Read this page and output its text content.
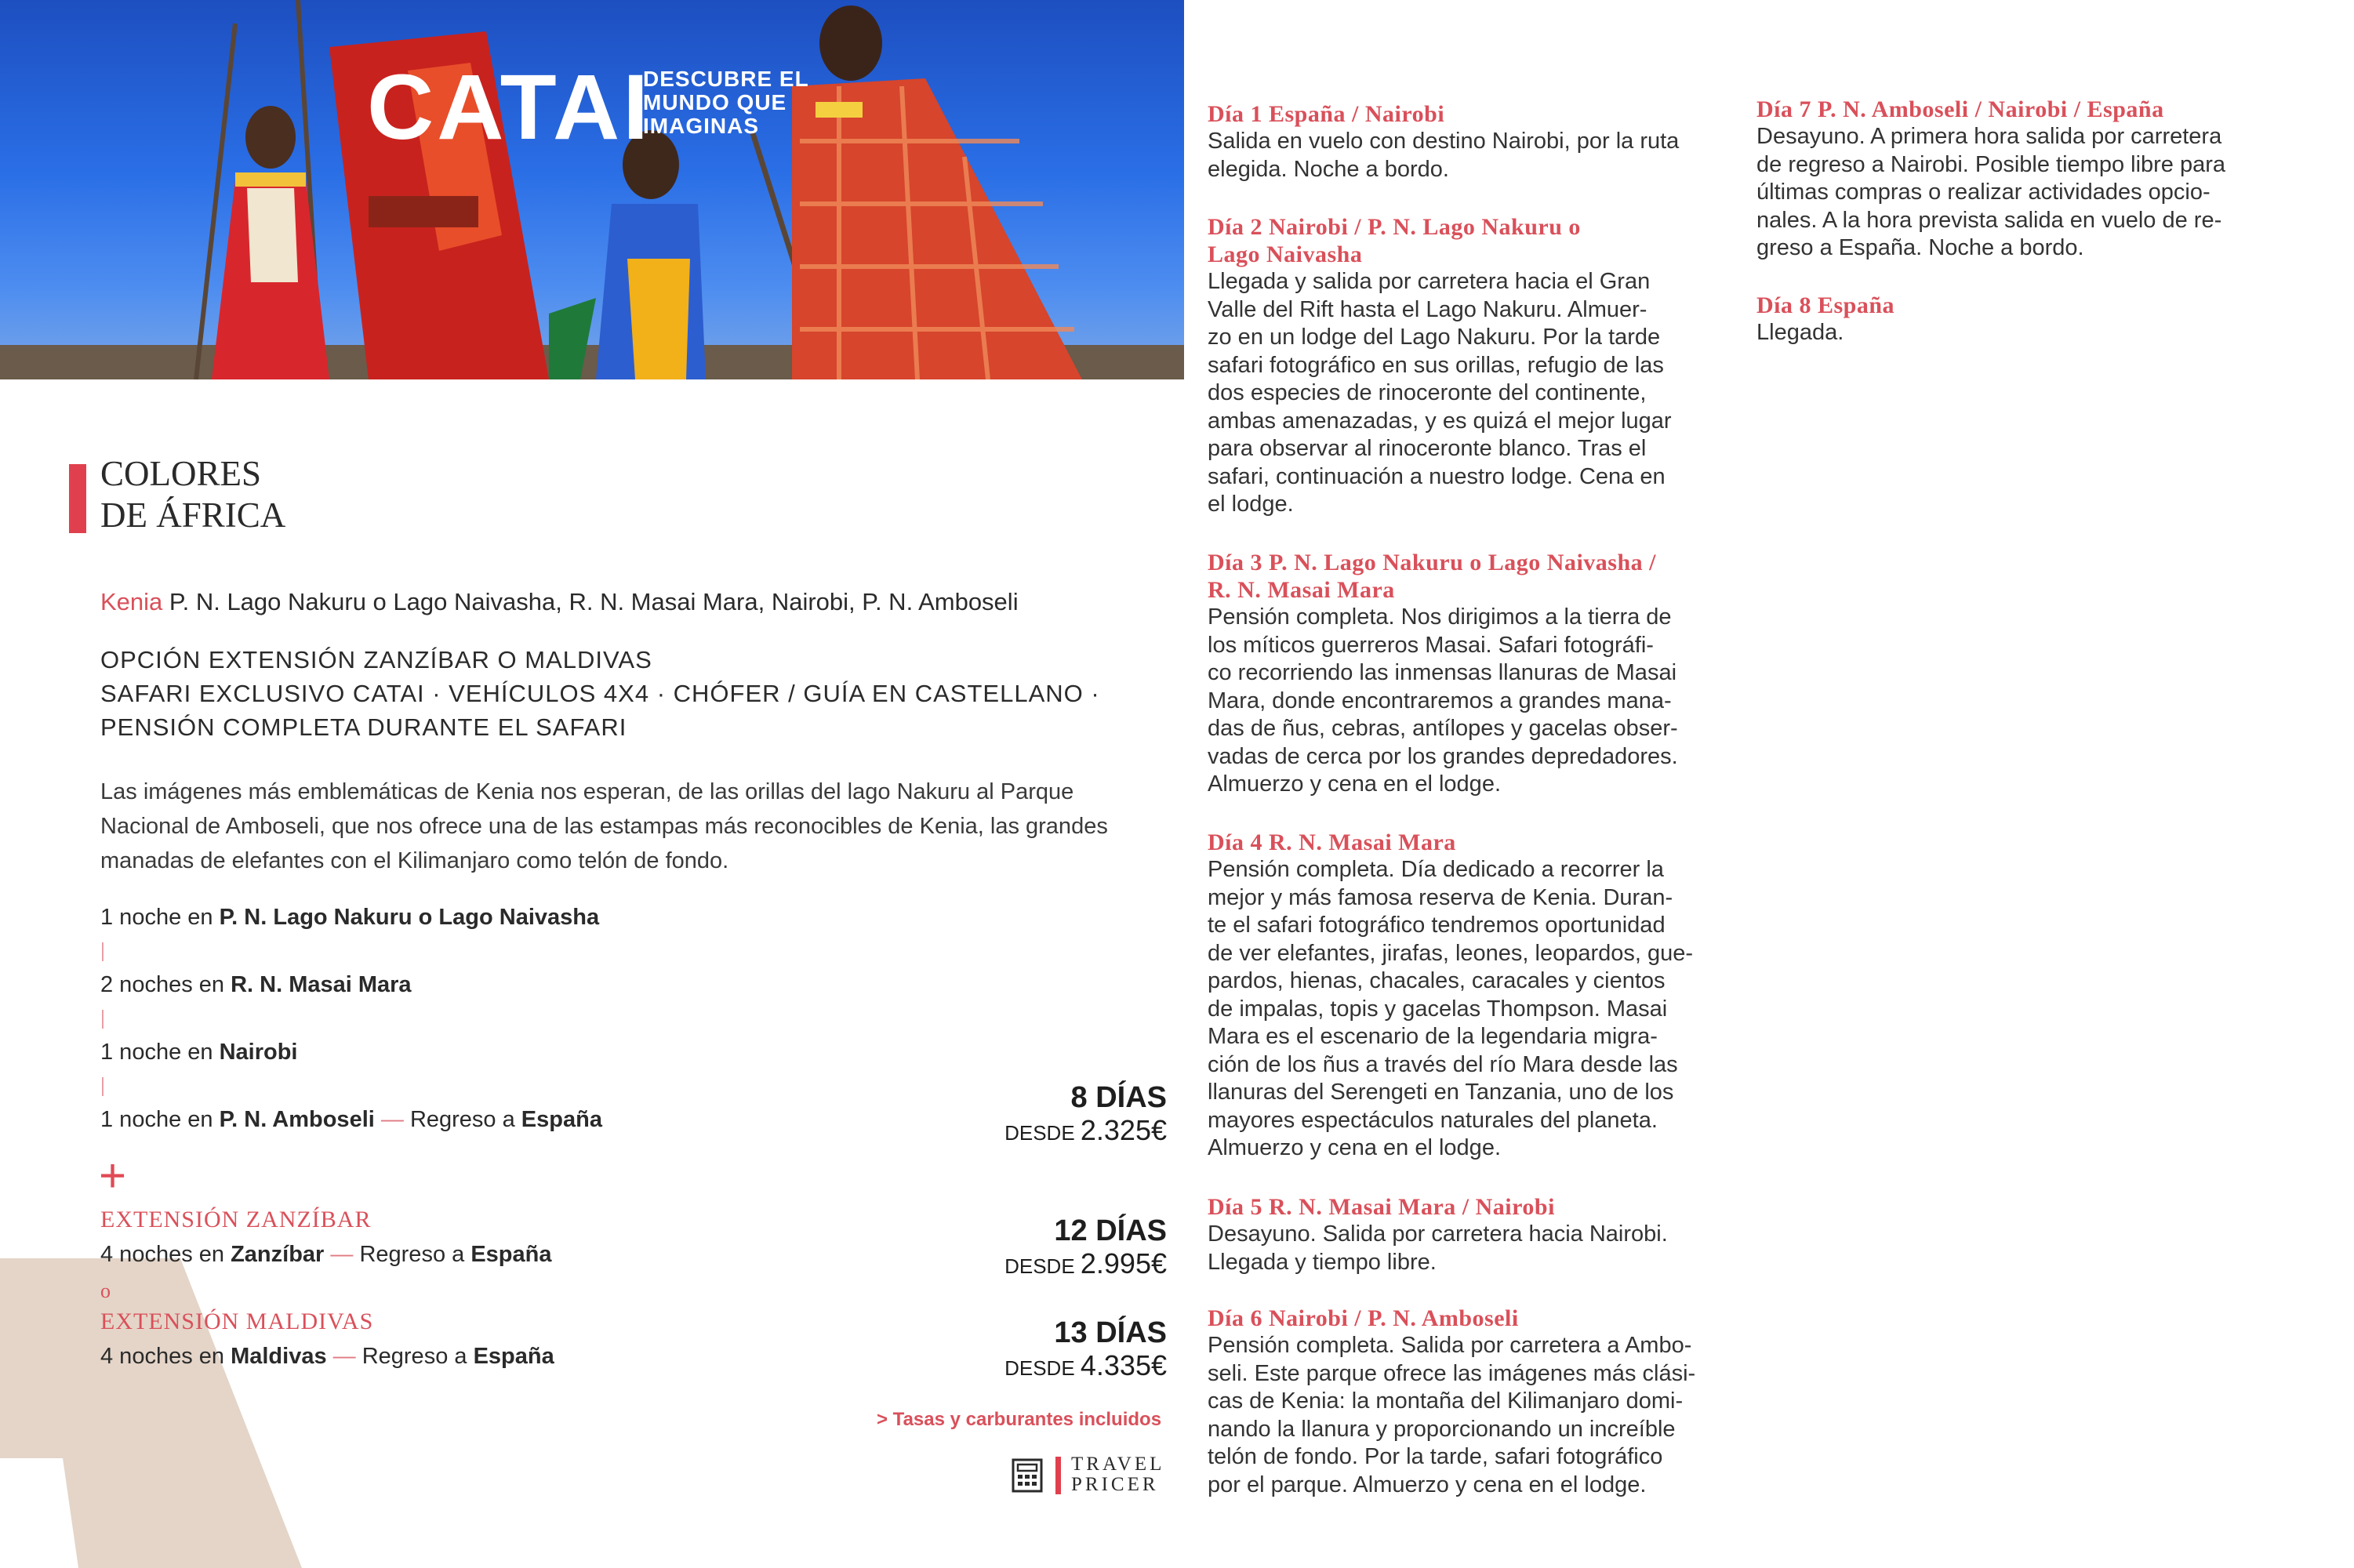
CATAI
DESCUBRE EL
MUNDO QUE
IMAGINAS
COLORES
DE ÁFRICA
Kenia P. N. Lago Nakuru o Lago Naivasha, R. N. Masai Mara, Nairobi, P. N. Amboseli
OPCIÓN EXTENSIÓN ZANZÍBAR O MALDIVAS
SAFARI EXCLUSIVO CATAI · VEHÍCULOS 4X4 · CHÓFER / GUÍA EN CASTELLANO ·
PENSIÓN COMPLETA DURANTE EL SAFARI
Las imágenes más emblemáticas de Kenia nos esperan, de las orillas del lago Nakuru al Parque Nacional de Amboseli, que nos ofrece una de las estampas más reconocibles de Kenia, las grandes manadas de elefantes con el Kilimanjaro como telón de fondo.
1 noche en P. N. Lago Nakuru o Lago Naivasha
2 noches en R. N. Masai Mara
1 noche en Nairobi
1 noche en P. N. Amboseli — Regreso a España
+
EXTENSIÓN ZANZÍBAR
4 noches en Zanzíbar — Regreso a España
o
EXTENSIÓN MALDIVAS
4 noches en Maldivas — Regreso a España
8 DÍAS
DESDE 2.325€
12 DÍAS
DESDE 2.995€
13 DÍAS
DESDE 4.335€
> Tasas y carburantes incluidos
TRAVEL
PRICER
Día 1 España / Nairobi
Salida en vuelo con destino Nairobi, por la ruta
elegida. Noche a bordo.
Día 2 Nairobi / P. N. Lago Nakuru o
Lago Naivasha
Llegada y salida por carretera hacia el Gran
Valle del Rift hasta el Lago Nakuru. Almuer-
zo en un lodge del Lago Nakuru. Por la tarde
safari fotográfico en sus orillas, refugio de las
dos especies de rinoceronte del continente,
ambas amenazadas, y es quizá el mejor lugar
para observar al rinoceronte blanco. Tras el
safari, continuación a nuestro lodge. Cena en
el lodge.
Día 3 P. N. Lago Nakuru o Lago Naivasha /
R. N. Masai Mara
Pensión completa. Nos dirigimos a la tierra de
los míticos guerreros Masai. Safari fotográfi-
co recorriendo las inmensas llanuras de Masai
Mara, donde encontraremos a grandes mana-
das de ñus, cebras, antílopes y gacelas obser-
vadas de cerca por los grandes depredadores.
Almuerzo y cena en el lodge.
Día 4 R. N. Masai Mara
Pensión completa. Día dedicado a recorrer la
mejor y más famosa reserva de Kenia. Duran-
te el safari fotográfico tendremos oportunidad
de ver elefantes, jirafas, leones, leopardos, gue-
pardos, hienas, chacales, caracales y cientos
de impalas, topis y gacelas Thompson. Masai
Mara es el escenario de la legendaria migra-
ción de los ñus a través del río Mara desde las
llanuras del Serengeti en Tanzania, uno de los
mayores espectáculos naturales del planeta.
Almuerzo y cena en el lodge.
Día 5 R. N. Masai Mara / Nairobi
Desayuno. Salida por carretera hacia Nairobi.
Llegada y tiempo libre.
Día 6 Nairobi / P. N. Amboseli
Pensión completa. Salida por carretera a Ambo-
seli. Este parque ofrece las imágenes más clási-
cas de Kenia: la montaña del Kilimanjaro domi-
nando la llanura y proporcionando un increíble
telón de fondo. Por la tarde, safari fotográfico
por el parque. Almuerzo y cena en el lodge.
Día 7 P. N. Amboseli / Nairobi / España
Desayuno. A primera hora salida por carretera
de regreso a Nairobi. Posible tiempo libre para
últimas compras o realizar actividades opcio-
nales. A la hora prevista salida en vuelo de re-
greso a España. Noche a bordo.
Día 8 España
Llegada.
